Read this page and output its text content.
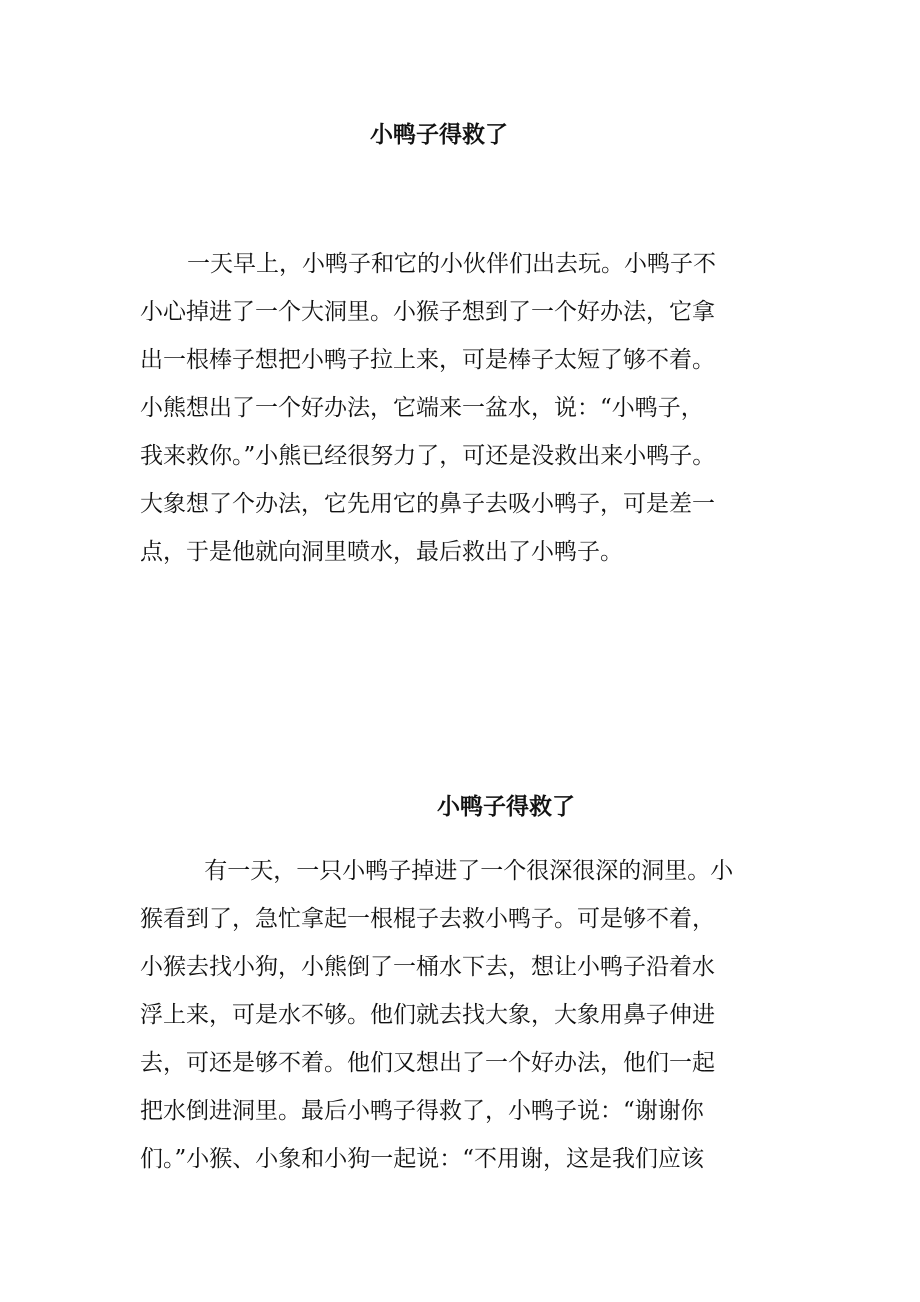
小鸭子得救了

　一天早上，小鸭子和它的小伙伴们出去玩。小鸭子不

小心掉进了一个大洞里。小猴子想到了一个好办法，它拿

出一根棒子想把小鸭子拉上来，可是棒子太短了够不着。

小熊想出了一个好办法，它端来一盆水，说：“小鸭子，

我来救你。”小熊已经很努力了，可还是没救出来小鸭子。

大象想了个办法，它先用它的鼻子去吸小鸭子，可是差一

点，于是他就向洞里喷水，最后救出了小鸭子。

小鸭子得救了

　 有一天，一只小鸭子掉进了一个很深很深的洞里。小

猴看到了，急忙拿起一根棍子去救小鸭子。可是够不着，

小猴去找小狗，小熊倒了一桶水下去，想让小鸭子沿着水

浮上来，可是水不够。他们就去找大象，大象用鼻子伸进

去，可还是够不着。他们又想出了一个好办法，他们一起

把水倒进洞里。最后小鸭子得救了，小鸭子说：“谢谢你

们。”小猴、小象和小狗一起说：“不用谢，这是我们应该
